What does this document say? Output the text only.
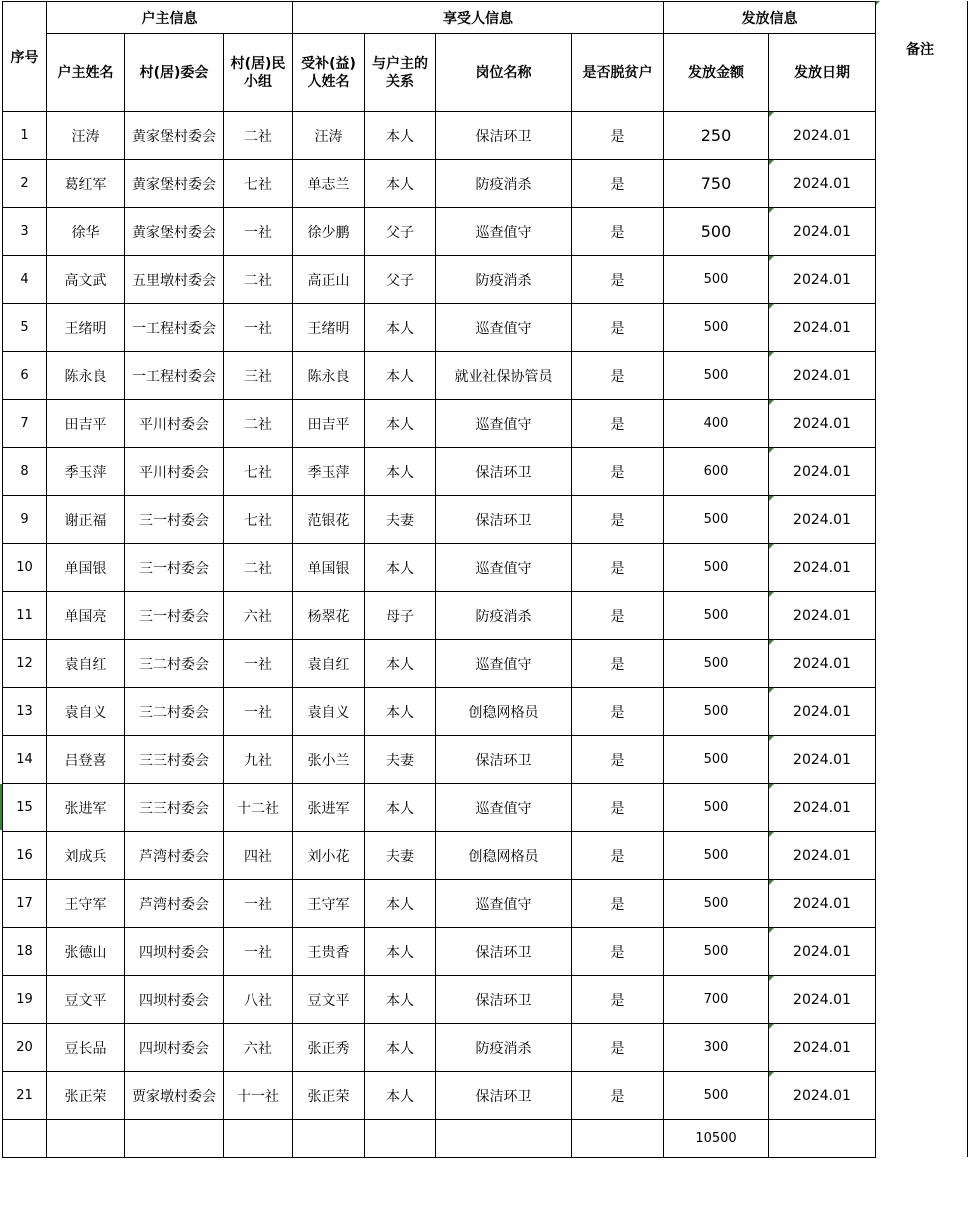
备注
序号	户主信息			享受人信息				发放信息	
	户主姓名	村(居)委会	村(居)民小组	受补(益)人姓名	与户主的关系	岗位名称	是否脱贫户	发放金额	发放日期
1	汪涛	黄家堡村委会	二社	汪涛	本人	保洁环卫	是	250	2024.01
2	葛红军	黄家堡村委会	七社	单志兰	本人	防疫消杀	是	750	2024.01
3	徐华	黄家堡村委会	一社	徐少鹏	父子	巡查值守	是	500	2024.01
4	高文武	五里墩村委会	二社	高正山	父子	防疫消杀	是	500	2024.01
5	王绪明	一工程村委会	一社	王绪明	本人	巡查值守	是	500	2024.01
6	陈永良	一工程村委会	三社	陈永良	本人	就业社保协管员	是	500	2024.01
7	田吉平	平川村委会	二社	田吉平	本人	巡查值守	是	400	2024.01
8	季玉萍	平川村委会	七社	季玉萍	本人	保洁环卫	是	600	2024.01
9	谢正福	三一村委会	七社	范银花	夫妻	保洁环卫	是	500	2024.01
10	单国银	三一村委会	二社	单国银	本人	巡查值守	是	500	2024.01
11	单国亮	三一村委会	六社	杨翠花	母子	防疫消杀	是	500	2024.01
12	袁自红	三二村委会	一社	袁自红	本人	巡查值守	是	500	2024.01
13	袁自义	三二村委会	一社	袁自义	本人	创稳网格员	是	500	2024.01
14	吕登喜	三三村委会	九社	张小兰	夫妻	保洁环卫	是	500	2024.01
15	张进军	三三村委会	十二社	张进军	本人	巡查值守	是	500	2024.01
16	刘成兵	芦湾村委会	四社	刘小花	夫妻	创稳网格员	是	500	2024.01
17	王守军	芦湾村委会	一社	王守军	本人	巡查值守	是	500	2024.01
18	张德山	四坝村委会	一社	王贵香	本人	保洁环卫	是	500	2024.01
19	豆文平	四坝村委会	八社	豆文平	本人	保洁环卫	是	700	2024.01
20	豆长品	四坝村委会	六社	张正秀	本人	防疫消杀	是	300	2024.01
21	张正荣	贾家墩村委会	十一社	张正荣	本人	保洁环卫	是	500	2024.01
								10500	
